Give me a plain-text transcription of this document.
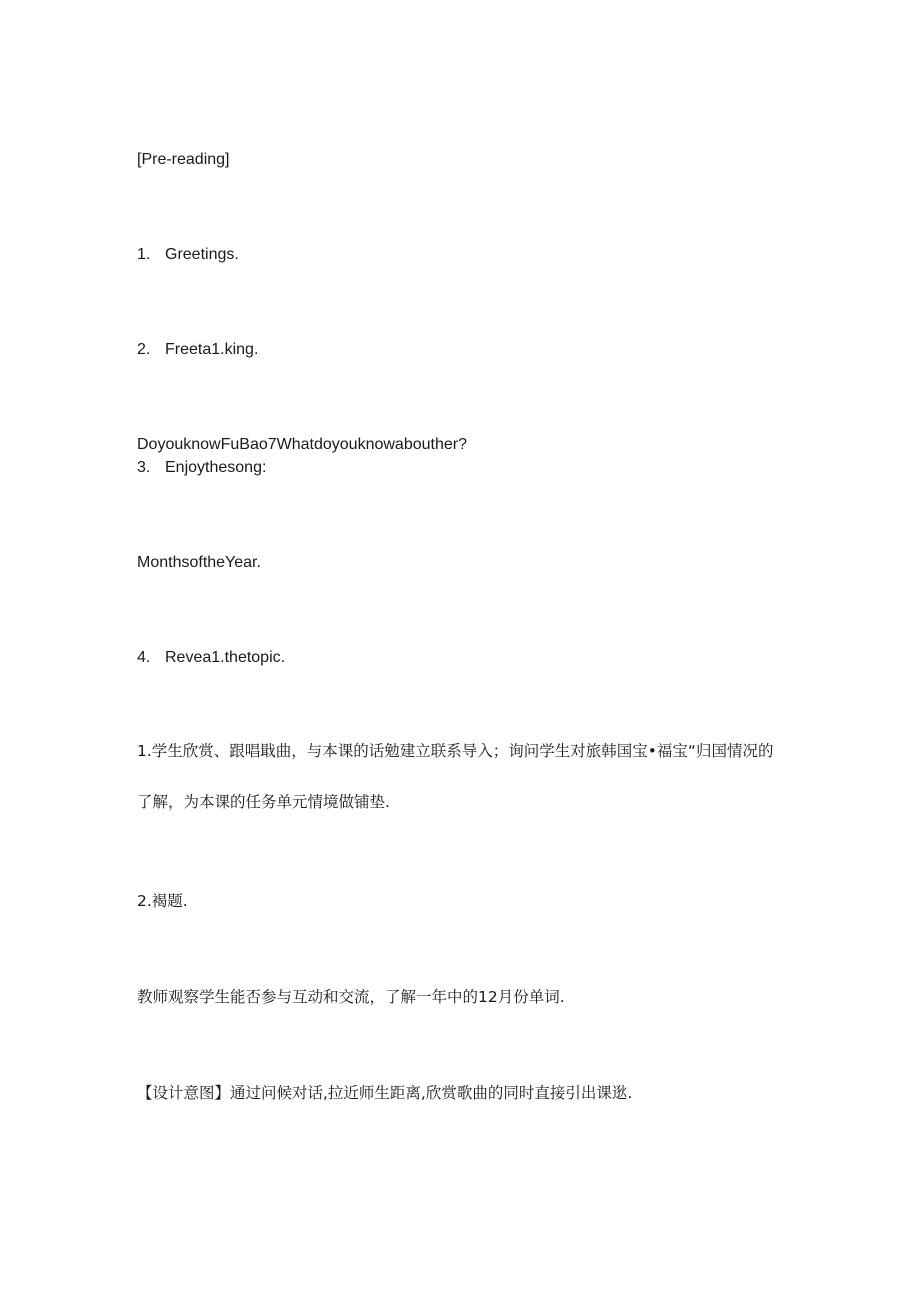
[Pre-reading]
1. Greetings.
2. Freeta1.king.
DoyouknowFuBao7Whatdoyouknowabouther?
3. Enjoythesong:
MonthsoftheYear.
4. Revea1.thetopic.
1.学生欣赏、跟唱戢曲，与本课的话勉建立联系导入；询问学生对旅韩国宝•福宝“归国情况的
了解，为本课的任务单元情境做铺垫.
2.褐题.
教师观察学生能否参与互动和交流，了解一年中的12月份单词.
【设计意图】通过问候对话,拉近师生距离,欣赏歌曲的同时直接引出课逖.
